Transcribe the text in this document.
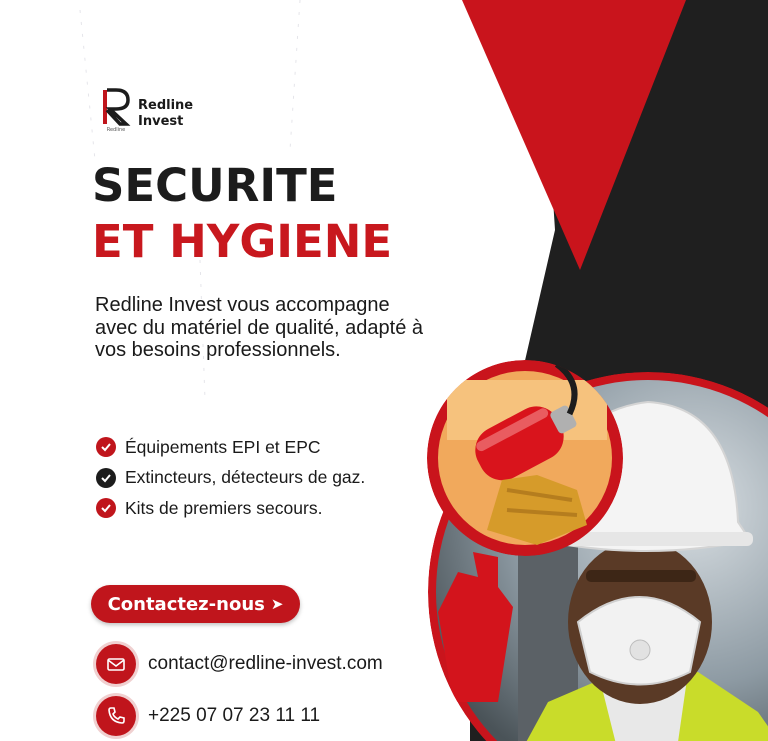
Redline
Redline
Invest
SECURITE
ET HYGIENE

Redline Invest vous accompagne avec du matériel de qualité, adapté à vos besoins professionnels.

Équipements EPI et EPC
Extincteurs, détecteurs de gaz.
Kits de premiers secours.
Contactez-nous ➤
contact@redline-invest.com
+225 07 07 23 11 11
